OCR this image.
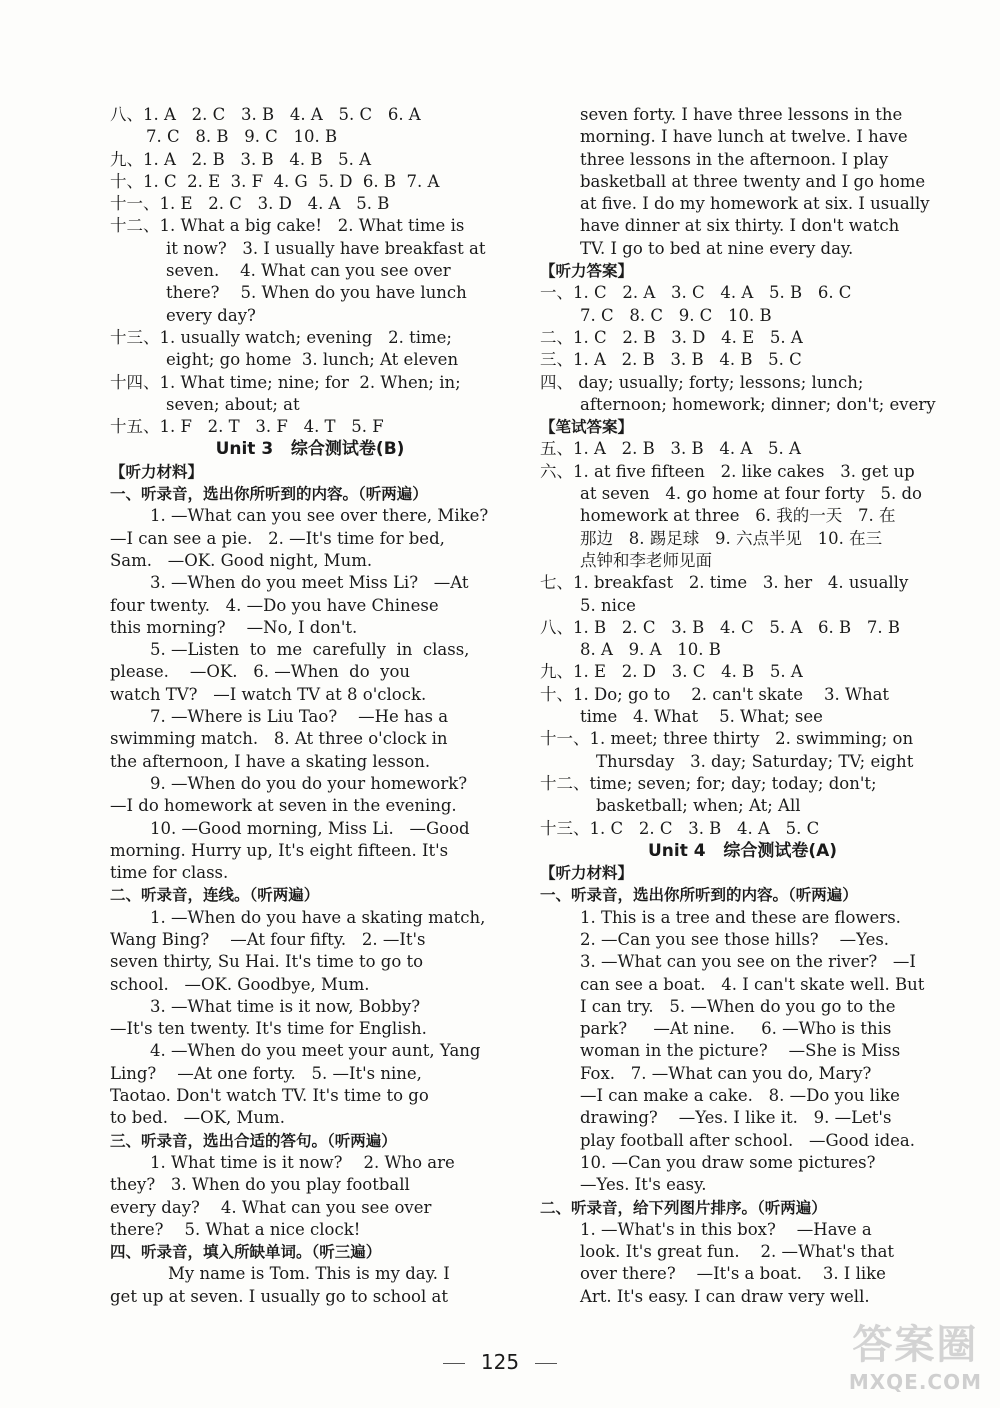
八、1. A   2. C   3. B   4. A   5. C   6. A
7. C   8. B   9. C   10. B
九、1. A   2. B   3. B   4. B   5. A
十、1. C  2. E  3. F  4. G  5. D  6. B  7. A
十一、1. E   2. C   3. D   4. A   5. B
十二、1. What a big cake!   2. What time is
it now?   3. I usually have breakfast at
seven.    4. What can you see over
there?    5. When do you have lunch
every day?
十三、1. usually watch; evening   2. time;
eight; go home  3. lunch; At eleven
十四、1. What time; nine; for  2. When; in;
seven; about; at
十五、1. F   2. T   3. F   4. T   5. F
Unit 3   综合测试卷(B)
【听力材料】
一、听录音，选出你所听到的内容。（听两遍）
1. —What can you see over there, Mike?
—I can see a pie.   2. —It's time for bed,
Sam.   —OK. Good night, Mum.
3. —When do you meet Miss Li?   —At
four twenty.   4. —Do you have Chinese
this morning?    —No, I don't.
5. —Listen  to  me  carefully  in  class,
please.    —OK.   6. —When  do  you
watch TV?   —I watch TV at 8 o'clock.
7. —Where is Liu Tao?    —He has a
swimming match.   8. At three o'clock in
the afternoon, I have a skating lesson.
9. —When do you do your homework?
—I do homework at seven in the evening.
10. —Good morning, Miss Li.   —Good
morning. Hurry up, It's eight fifteen. It's
time for class.
二、听录音，连线。（听两遍）
1. —When do you have a skating match,
Wang Bing?    —At four fifty.   2. —It's
seven thirty, Su Hai. It's time to go to
school.   —OK. Goodbye, Mum.
3. —What time is it now, Bobby?
—It's ten twenty. It's time for English.
4. —When do you meet your aunt, Yang
Ling?    —At one forty.   5. —It's nine,
Taotao. Don't watch TV. It's time to go
to bed.   —OK, Mum.
三、听录音，选出合适的答句。（听两遍）
1. What time is it now?    2. Who are
they?   3. When do you play football
every day?    4. What can you see over
there?    5. What a nice clock!
四、听录音，填入所缺单词。（听三遍）
My name is Tom. This is my day. I
get up at seven. I usually go to school at
seven forty. I have three lessons in the
morning. I have lunch at twelve. I have
three lessons in the afternoon. I play
basketball at three twenty and I go home
at five. I do my homework at six. I usually
have dinner at six thirty. I don't watch
TV. I go to bed at nine every day.
【听力答案】
一、1. C   2. A   3. C   4. A   5. B   6. C
7. C   8. C   9. C   10. B
二、1. C   2. B   3. D   4. E   5. A
三、1. A   2. B   3. B   4. B   5. C
四、 day; usually; forty; lessons; lunch;
afternoon; homework; dinner; don't; every
【笔试答案】
五、1. A   2. B   3. B   4. A   5. A
六、1. at five fifteen   2. like cakes   3. get up
at seven   4. go home at four forty   5. do
homework at three   6. 我的一天   7. 在
那边   8. 踢足球   9. 六点半见   10. 在三
点钟和李老师见面
七、1. breakfast   2. time   3. her   4. usually
5. nice
八、1. B   2. C   3. B   4. C   5. A   6. B   7. B
8. A   9. A   10. B
九、1. E   2. D   3. C   4. B   5. A
十、1. Do; go to    2. can't skate    3. What
time   4. What    5. What; see
十一、1. meet; three thirty   2. swimming; on
Thursday   3. day; Saturday; TV; eight
十二、time; seven; for; day; today; don't;
basketball; when; At; All
十三、1. C   2. C   3. B   4. A   5. C
Unit 4   综合测试卷(A)
【听力材料】
一、听录音，选出你所听到的内容。（听两遍）
1. This is a tree and these are flowers.
2. —Can you see those hills?    —Yes.
3. —What can you see on the river?   —I
can see a boat.   4. I can't skate well. But
I can try.   5. —When do you go to the
park?     —At nine.     6. —Who is this
woman in the picture?    —She is Miss
Fox.   7. —What can you do, Mary?
—I can make a cake.   8. —Do you like
drawing?    —Yes. I like it.   9. —Let's
play football after school.   —Good idea.
10. —Can you draw some pictures?
—Yes. It's easy.
二、听录音，给下列图片排序。（听两遍）
1. —What's in this box?    —Have a
look. It's great fun.    2. —What's that
over there?    —It's a boat.    3. I like
Art. It's easy. I can draw very well.
125	答案圈
MXQE.COM
